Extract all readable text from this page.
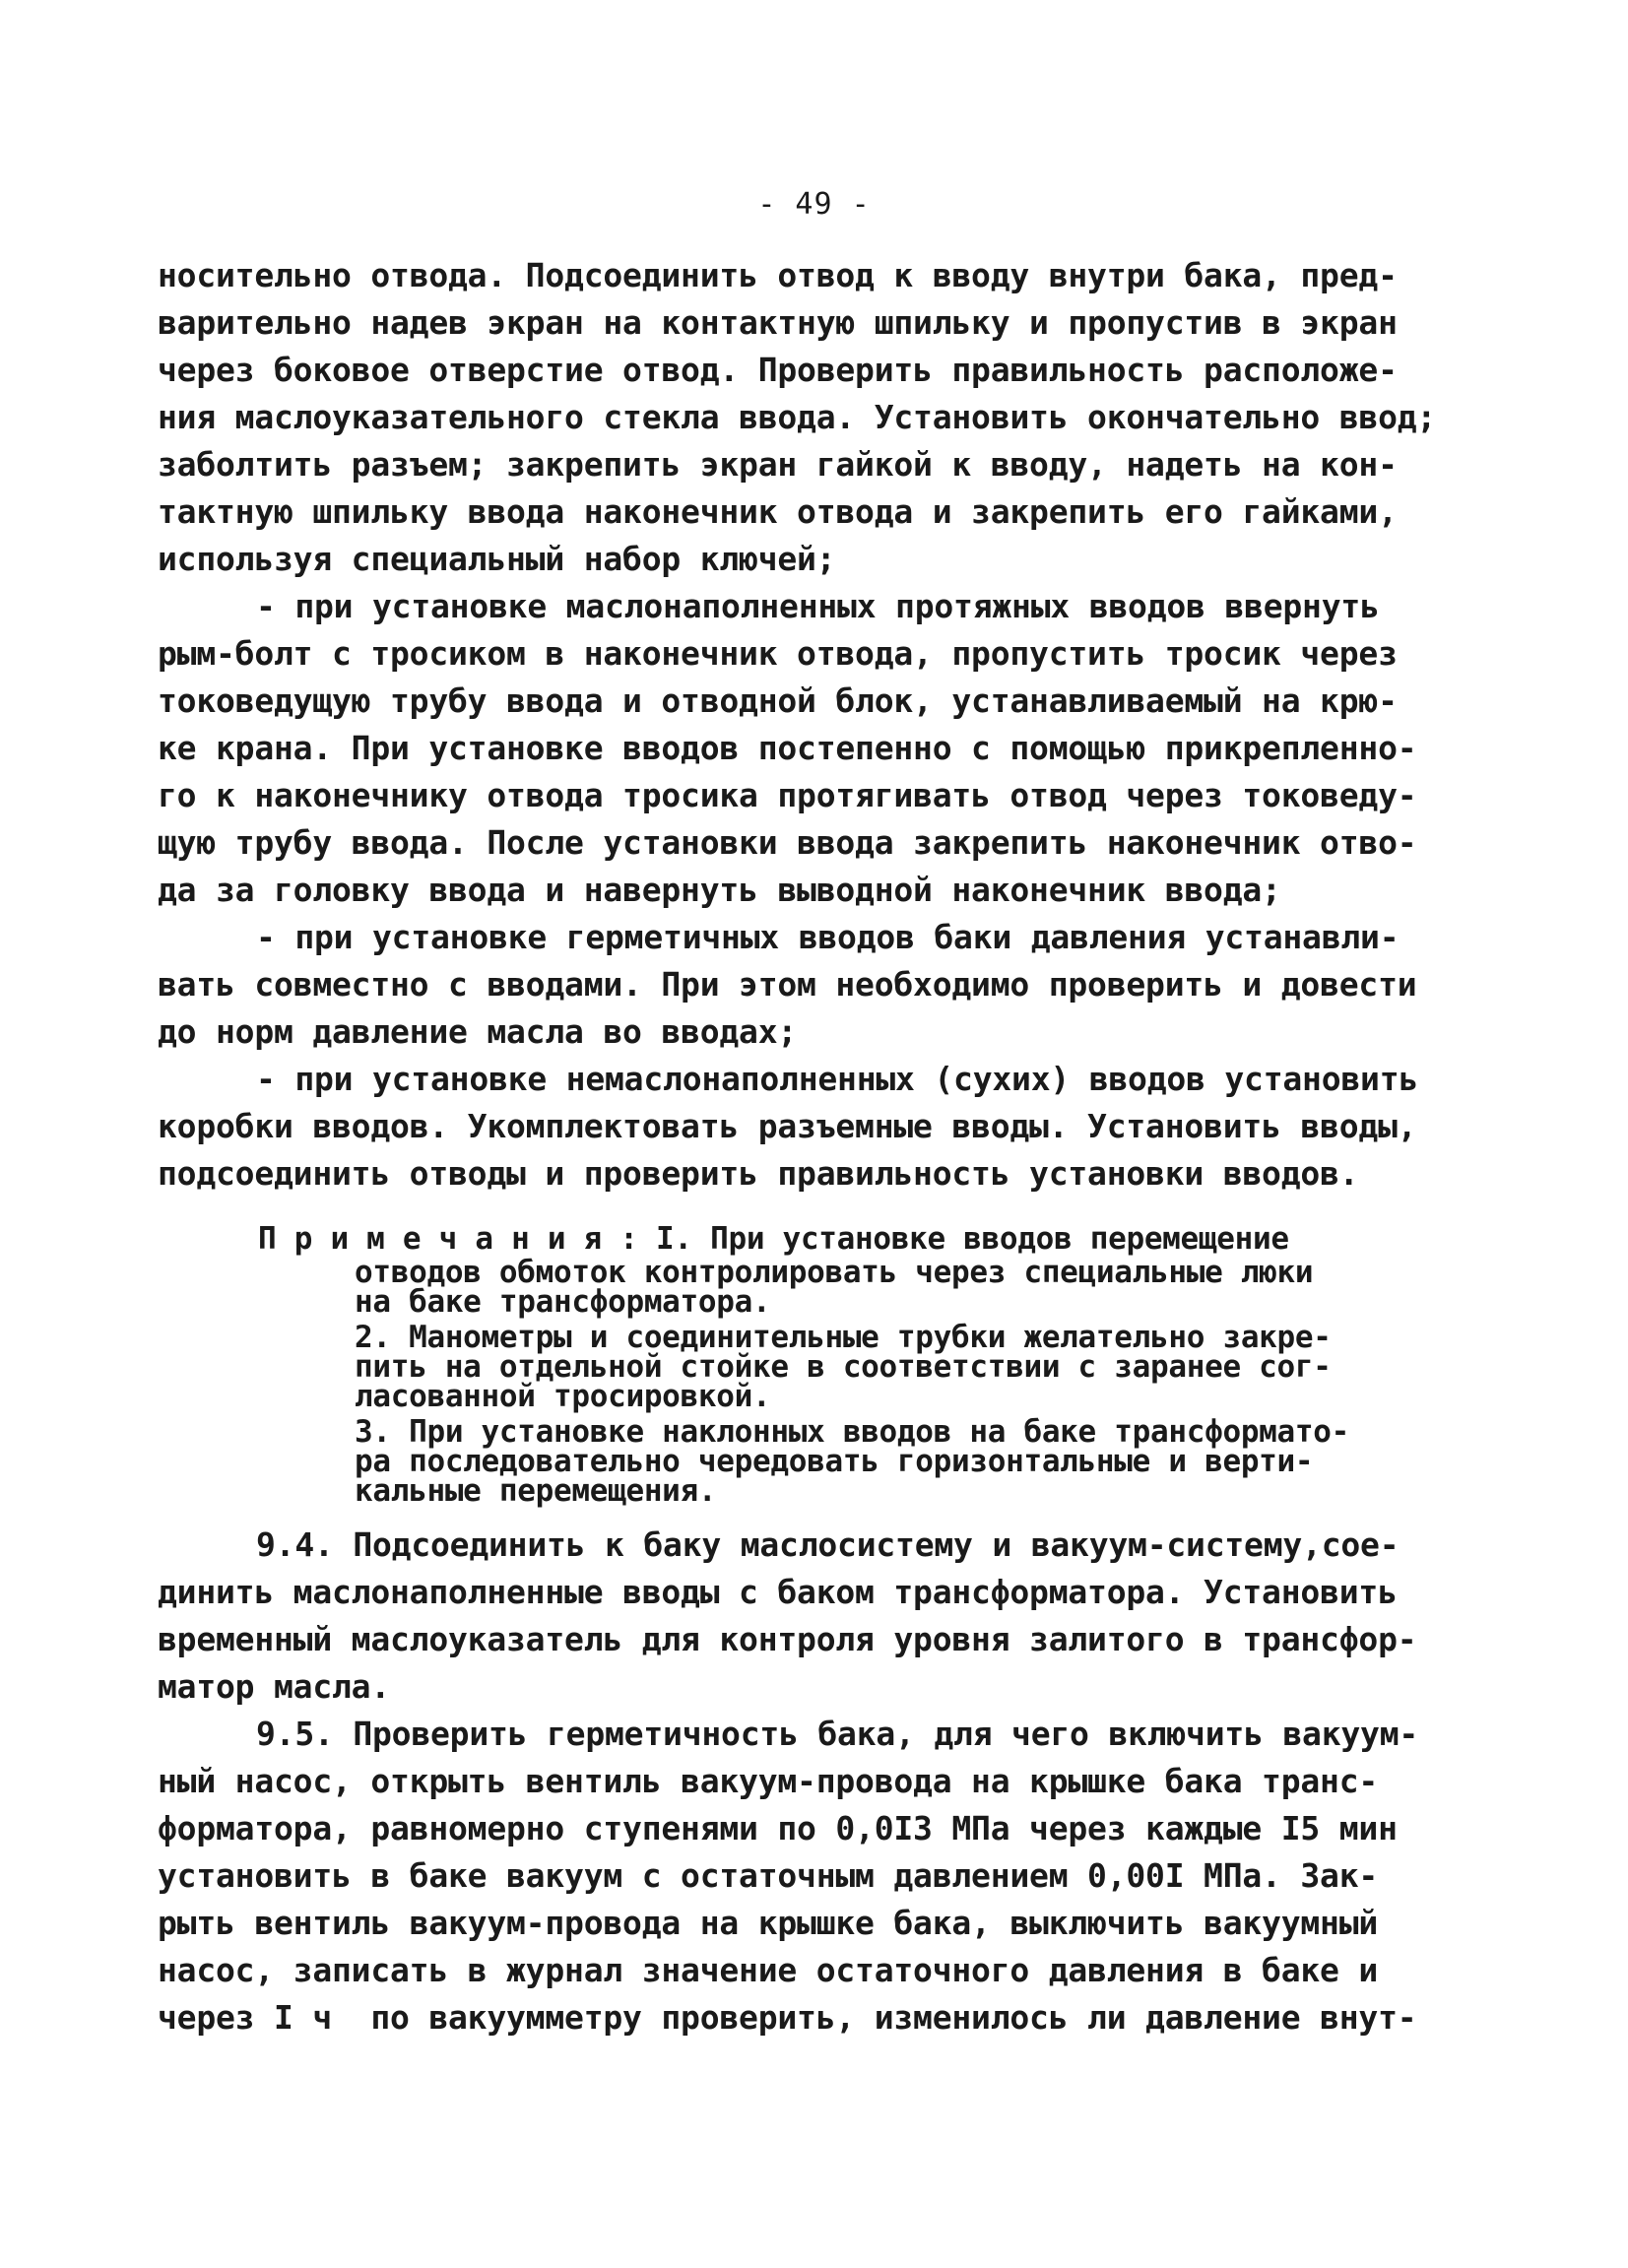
- 49 -
носительно отвода. Подсоединить отвод к вводу внутри бака, пред-
варительно надев экран на контактную шпильку и пропустив в экран
через боковое отверстие отвод. Проверить правильность расположе-
ния маслоуказательного стекла ввода. Установить окончательно ввод;
заболтить разъем; закрепить экран гайкой к вводу, надеть на кон-
тактную шпильку ввода наконечник отвода и закрепить его гайками,
используя специальный набор ключей;
- при установке маслонаполненных протяжных вводов ввернуть
рым-болт с тросиком в наконечник отвода, пропустить тросик через
токоведущую трубу ввода и отводной блок, устанавливаемый на крю-
ке крана. При установке вводов постепенно с помощью прикрепленно-
го к наконечнику отвода тросика протягивать отвод через токоведу-
щую трубу ввода. После установки ввода закрепить наконечник отво-
да за головку ввода и навернуть выводной наконечник ввода;
- при установке герметичных вводов баки давления устанавли-
вать совместно с вводами. При этом необходимо проверить и довести
до норм давление масла во вводах;
- при установке немаслонаполненных (сухих) вводов установить
коробки вводов. Укомплектовать разъемные вводы. Установить вводы,
подсоединить отводы и проверить правильность установки вводов.
П р и м е ч а н и я : I. При установке вводов перемещение
отводов обмоток контролировать через специальные люки
на баке трансформатора.
2. Манометры и соединительные трубки желательно закре-
пить на отдельной стойке в соответствии с заранее сог-
ласованной тросировкой.
3. При установке наклонных вводов на баке трансформато-
ра последовательно чередовать горизонтальные и верти-
кальные перемещения.
9.4. Подсоединить к баку маслосистему и вакуум-систему,сое-
динить маслонаполненные вводы с баком трансформатора. Установить
временный маслоуказатель для контроля уровня залитого в трансфор-
матор масла.
9.5. Проверить герметичность бака, для чего включить вакуум-
ный насос, открыть вентиль вакуум-провода на крышке бака транс-
форматора, равномерно ступенями по 0,0I3 МПа через каждые I5 мин
установить в баке вакуум с остаточным давлением 0,00I МПа. Зак-
рыть вентиль вакуум-провода на крышке бака, выключить вакуумный
насос, записать в журнал значение остаточного давления в баке и
через I ч  по вакуумметру проверить, изменилось ли давление внут-
